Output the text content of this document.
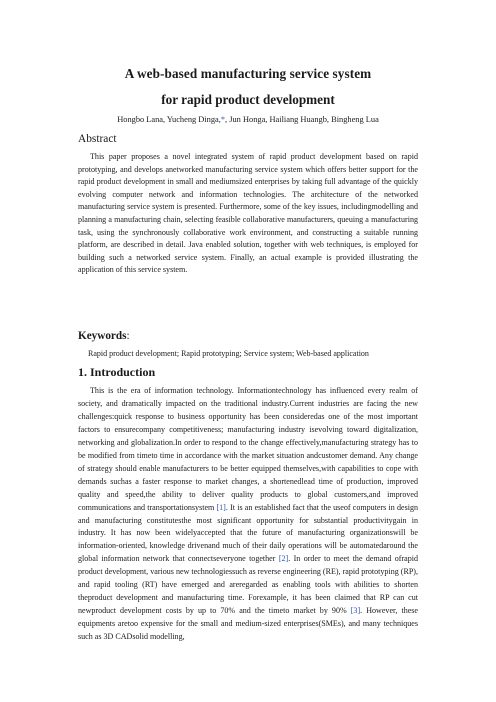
A web-based manufacturing service system
for rapid product development
Hongbo Lana, Yucheng Dinga,*, Jun Honga, Hailiang Huangb, Bingheng Lua
Abstract
This paper proposes a novel integrated system of rapid product development based on rapid prototyping, and develops anetworked manufacturing service system which offers better support for the rapid product development in small and mediumsized enterprises by taking full advantage of the quickly evolving computer network and information technologies. The architecture of the networked manufacturing service system is presented. Furthermore, some of the key issues, includingmodelling and planning a manufacturing chain, selecting feasible collaborative manufacturers, queuing a manufacturing task, using the synchronously collaborative work environment, and constructing a suitable running platform, are described in detail. Java enabled solution, together with web techniques, is employed for building such a networked service system. Finally, an actual example is provided illustrating the application of this service system.
Keywords:
Rapid product development; Rapid prototyping; Service system; Web-based application
1. Introduction
This is the era of information technology. Informationtechnology has influenced every realm of society, and dramatically impacted on the traditional industry.Current industries are facing the new challenges:quick response to business opportunity has been consideredas one of the most important factors to ensurecompany competitiveness; manufacturing industry isevolving toward digitalization, networking and globalization.In order to respond to the change effectively,manufacturing strategy has to be modified from timeto time in accordance with the market situation andcustomer demand. Any change of strategy should enable manufacturers to be better equipped themselves,with capabilities to cope with demands suchas a faster response to market changes, a shortenedlead time of production, improved quality and speed,the ability to deliver quality products to global customers,and improved communications and transportationsystem [1]. It is an established fact that the useof computers in design and manufacturing constitutesthe most significant opportunity for substantial productivitygain in industry. It has now been widelyaccepted that the future of manufacturing organizationswill be information-oriented, knowledge drivenand much of their daily operations will be automatedaround the global information network that connectseveryone together [2]. In order to meet the demand ofrapid product development, various new technologiessuch as reverse engineering (RE), rapid prototyping (RP), and rapid tooling (RT) have emerged and areregarded as enabling tools with abilities to shorten theproduct development and manufacturing time. Forexample, it has been claimed that RP can cut newproduct development costs by up to 70% and the timeto market by 90% [3]. However, these equipments aretoo expensive for the small and medium-sized enterprises(SMEs), and many techniques such as 3D CADsolid modelling,
